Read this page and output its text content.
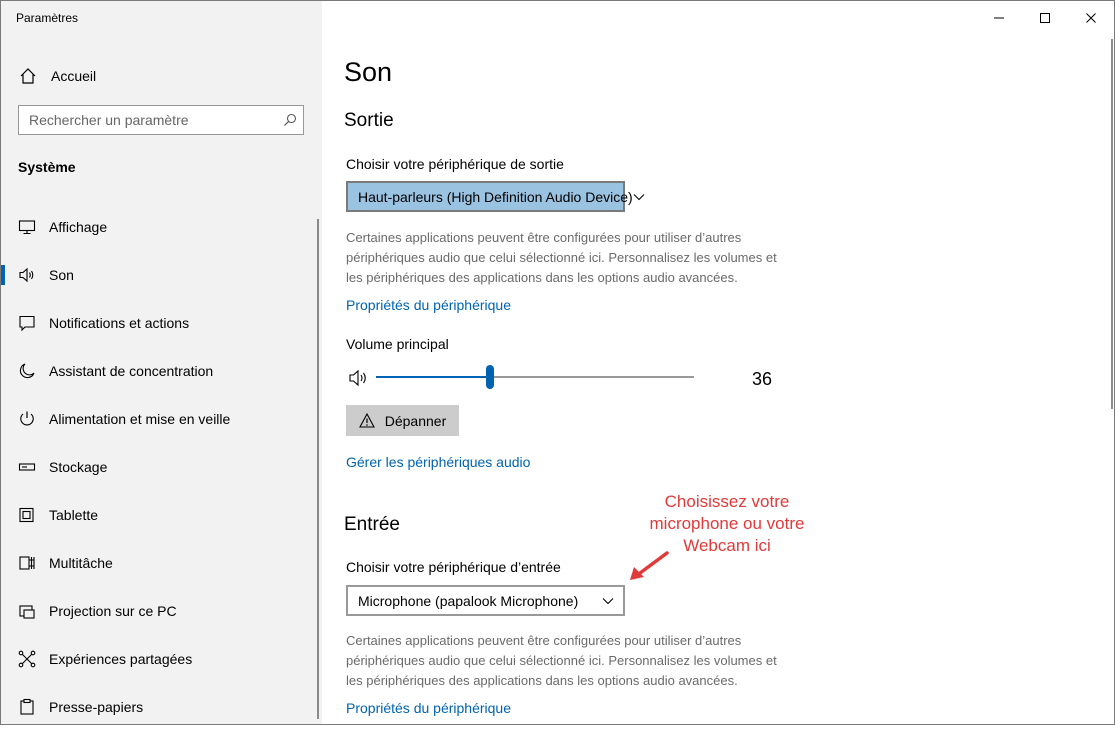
Paramètres
Accueil
Rechercher un paramètre
Système
Affichage
Son
Notifications et actions
Assistant de concentration
Alimentation et mise en veille
Stockage
Tablette
Multitâche
Projection sur ce PC
Expériences partagées
Presse-papiers
Son
Sortie
Choisir votre périphérique de sortie
Haut-parleurs (High Definition Audio Device)
Certaines applications peuvent être configurées pour utiliser d’autres périphériques audio que celui sélectionné ici. Personnalisez les volumes et les périphériques des applications dans les options audio avancées.
Propriétés du périphérique
Volume principal
36
Dépanner
Gérer les périphériques audio
Entrée
Choisir votre périphérique d’entrée
Microphone (papalook Microphone)
Certaines applications peuvent être configurées pour utiliser d’autres périphériques audio que celui sélectionné ici. Personnalisez les volumes et les périphériques des applications dans les options audio avancées.
Propriétés du périphérique
Choisissez votre microphone ou votre Webcam ici
